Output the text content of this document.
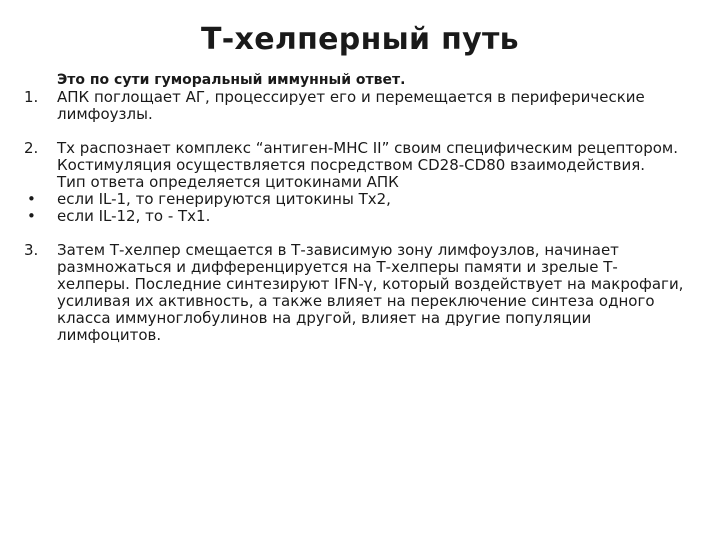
Т-хелперный путь
Это по сути гуморальный иммунный ответ.
1.	АПК поглощает АГ, процессирует его и перемещается в периферические лимфоузлы.
2.	Тх распознает комплекс “антиген-MHC II” своим специфическим рецептором. Костимуляция осуществляется посредством CD28-CD80 взаимодействия.
Тип ответа определяется цитокинами АПК
•	если IL-1, то генерируются цитокины Тх2,
•	если IL-12, то - Тх1.
3.	Затем Т-хелпер смещается в Т-зависимую зону лимфоузлов, начинает размножаться и дифференцируется на Т-хелперы памяти и зрелые Т-хелперы. Последние синтезируют IFN-γ, который воздействует на макрофаги, усиливая их активность, а также влияет на переключение синтеза одного класса иммуноглобулинов на другой, влияет на другие популяции лимфоцитов.
